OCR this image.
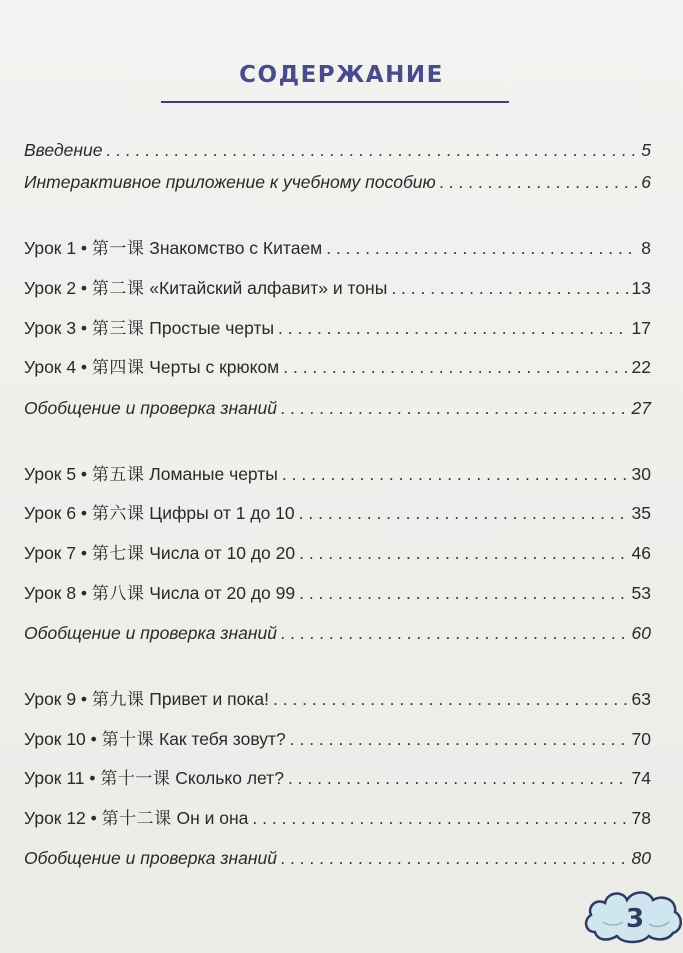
СОДЕРЖАНИЕ
Введение . . .	5
Интерактивное приложение к учебному пособию . . .	6
Урок 1 • 第一课 Знакомство с Китаем . . .	8
Урок 2 • 第二课 «Китайский алфавит» и тоны . . .	13
Урок 3 • 第三课 Простые черты . . .	17
Урок 4 • 第四课 Черты с крюком . . .	22
Обобщение и проверка знаний . . .	27
Урок 5 • 第五课 Ломаные черты . . .	30
Урок 6 • 第六课 Цифры от 1 до 10 . . .	35
Урок 7 • 第七课 Числа от 10 до 20 . . .	46
Урок 8 • 第八课 Числа от 20 до 99 . . .	53
Обобщение и проверка знаний . . .	60
Урок 9 • 第九课 Привет и пока! . . .	63
Урок 10 • 第十课 Как тебя зовут? . . .	70
Урок 11 • 第十一课 Сколько лет? . . .	74
Урок 12 • 第十二课 Он и она . . .	78
Обобщение и проверка знаний . . .	80
3
